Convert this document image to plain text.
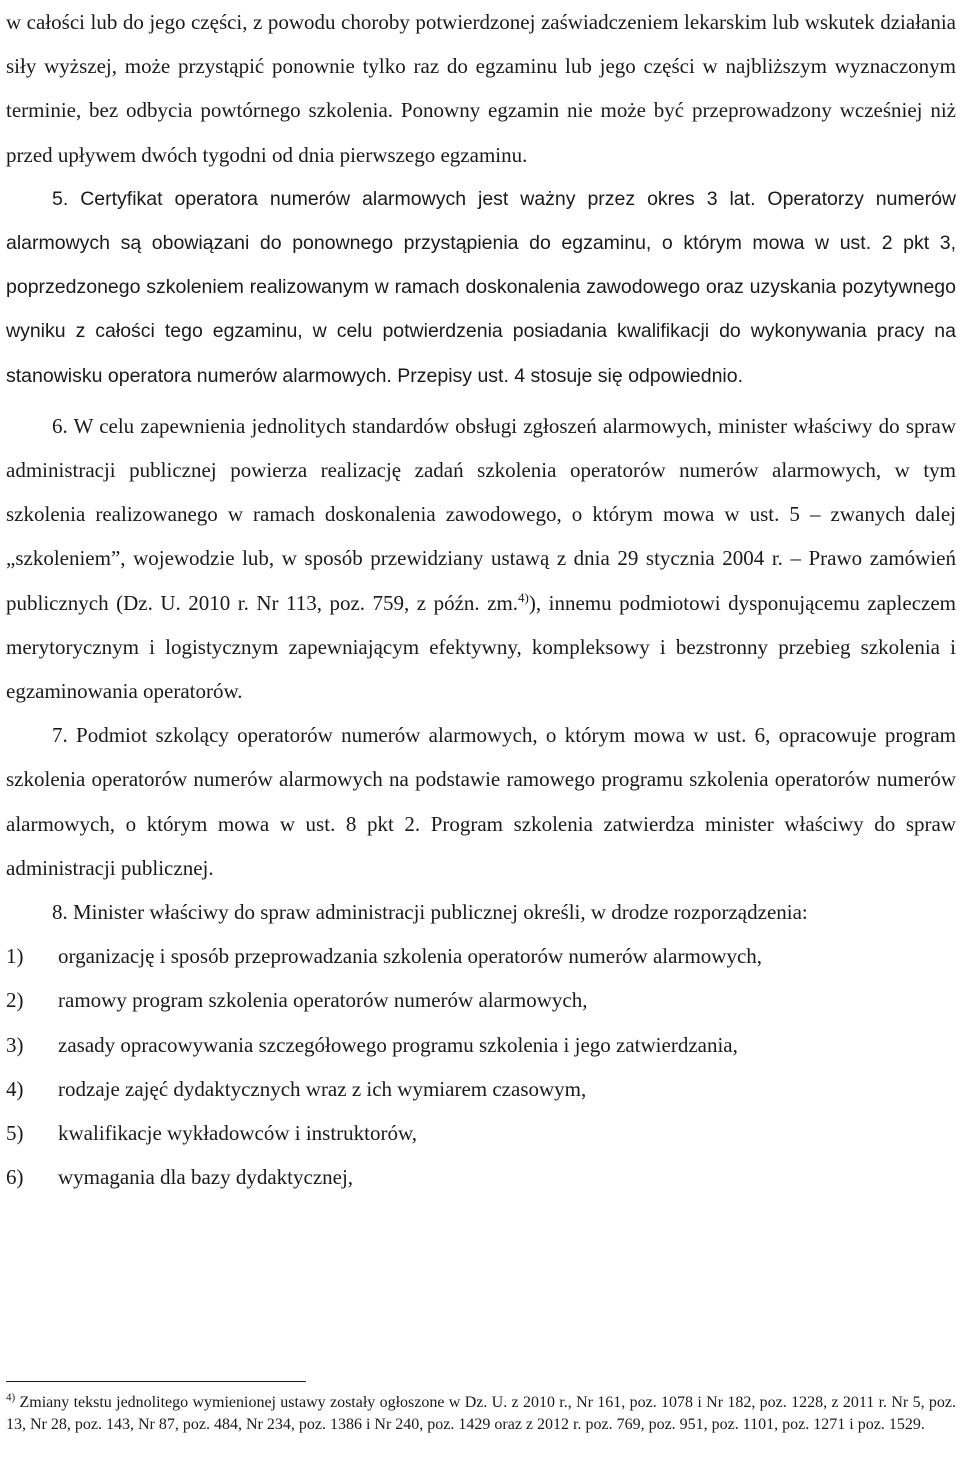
w całości lub do jego części, z powodu choroby potwierdzonej zaświadczeniem lekarskim lub wskutek działania siły wyższej, może przystąpić ponownie tylko raz do egzaminu lub jego części w najbliższym wyznaczonym terminie, bez odbycia powtórnego szkolenia. Ponowny egzamin nie może być przeprowadzony wcześniej niż przed upływem dwóch tygodni od dnia pierwszego egzaminu.

5. Certyfikat operatora numerów alarmowych jest ważny przez okres 3 lat. Operatorzy numerów alarmowych są obowiązani do ponownego przystąpienia do egzaminu, o którym mowa w ust. 2 pkt 3, poprzedzonego szkoleniem realizowanym w ramach doskonalenia zawodowego oraz uzyskania pozytywnego wyniku z całości tego egzaminu, w celu potwierdzenia posiadania kwalifikacji do wykonywania pracy na stanowisku operatora numerów alarmowych. Przepisy ust. 4 stosuje się odpowiednio.

6. W celu zapewnienia jednolitych standardów obsługi zgłoszeń alarmowych, minister właściwy do spraw administracji publicznej powierza realizację zadań szkolenia operatorów numerów alarmowych, w tym szkolenia realizowanego w ramach doskonalenia zawodowego, o którym mowa w ust. 5 – zwanych dalej „szkoleniem”, wojewodzie lub, w sposób przewidziany ustawą z dnia 29 stycznia 2004 r. – Prawo zamówień publicznych (Dz. U. 2010 r. Nr 113, poz. 759, z późn. zm.$^{4)}$), innemu podmiotowi dysponującemu zapleczem merytorycznym i logistycznym zapewniającym efektywny, kompleksowy i bezstronny przebieg szkolenia i egzaminowania operatorów.

7. Podmiot szkolący operatorów numerów alarmowych, o którym mowa w ust. 6, opracowuje program szkolenia operatorów numerów alarmowych na podstawie ramowego programu szkolenia operatorów numerów alarmowych, o którym mowa w ust. 8 pkt 2. Program szkolenia zatwierdza minister właściwy do spraw administracji publicznej.

8. Minister właściwy do spraw administracji publicznej określi, w drodze rozporządzenia:

1)	organizację i sposób przeprowadzania szkolenia operatorów numerów alarmowych,
2)	ramowy program szkolenia operatorów numerów alarmowych,
3)	zasady opracowywania szczegółowego programu szkolenia i jego zatwierdzania,
4)	rodzaje zajęć dydaktycznych wraz z ich wymiarem czasowym,
5)	kwalifikacje wykładowców i instruktorów,
6)	wymagania dla bazy dydaktycznej,
$^{4)}$ Zmiany tekstu jednolitego wymienionej ustawy zostały ogłoszone w Dz. U. z 2010 r., Nr 161, poz. 1078 i Nr 182, poz. 1228, z 2011 r. Nr 5, poz. 13, Nr 28, poz. 143, Nr 87, poz. 484, Nr 234, poz. 1386 i Nr 240, poz. 1429 oraz z 2012 r. poz. 769, poz. 951, poz. 1101, poz. 1271 i poz. 1529.
